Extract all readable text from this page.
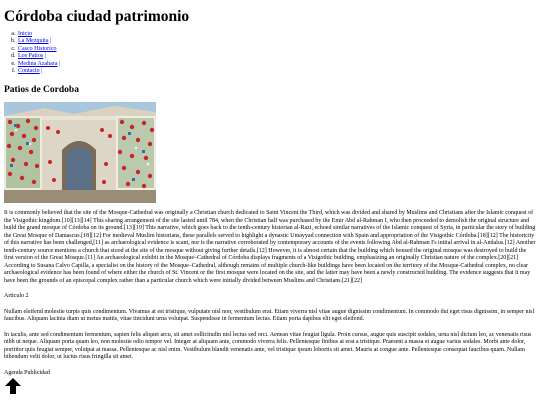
Córdoba ciudad patrimonio
a. Inicio
b. La Mezquita |
c. Casco Historico
d. Los Patios |
e. Medina Azahara |
f. Contacto |
Patios de Cordoba

It is commonly believed that the site of the Mosque-Cathedral was originally a Christian church dedicated to Saint Vincent the Third, which was divided and shared by Muslims and Christians after the Islamic conquest of the Visigothic kingdom.[10][13][14] This sharing arrangement of the site lasted until 784, when the Christian half was purchased by the Emir Abd al-Rahman I, who then proceeded to demolish the original structure and build the grand mosque of Córdoba on its ground.[13][19] This narrative, which goes back to the tenth-century historian al-Razi, echoed similar narratives of the Islamic conquest of Syria, in particular the story of building the Great Mosque of Damascus.[18][12] For medieval Muslim historians, these parallels served to highlight a dynastic Umayyad connection with Spain and appropriation of the Visigothic Córdoba.[18][12] The historicity of this narrative has been challenged,[11] as archaeological evidence is scant, nor is the narrative corroborated by contemporary accounts of the events following Abd al-Rahman I's initial arrival in al-Andalus.[12] Another tenth-century source mentions a church that stood at the site of the mosque without giving further details.[12] However, it is almost certain that the building which housed the original mosque was destroyed to build the first version of the Great Mosque.[11] An archaeological exhibit in the Mosque–Cathedral of Córdoba displays fragments of a Visigothic building, emphasizing an originally Christian nature of the complex.[20][21] According to Susana Calvo Capilla, a specialist on the history of the Mosque–Cathedral, although remains of multiple church-like buildings have been located on the territory of the Mosque-Cathedral complex, no clear archaeological evidence has been found of where either the church of St. Vincent or the first mosque were located on the site, and the latter may have been a newly constructed building. The evidence suggests that it may have been the grounds of an episcopal complex rather than a particular church which were initially divided between Muslims and Christians.[21][22]

Articulo 2

Nullam eleifend molestie turpis quis condimentum. Vivamus at est tristique, vulputate nisl non, vestibulum erat. Etiam viverra nisl vitae augue dignissim condimentum. In commodo dui eget risus dignissim, in semper nisl faucibus. Aliquam lacinia diam ut metus mattis, vitae tincidunt urna volutpat. Suspendisse in fermentum lectus. Etiam porta dapibus elit eget eleifend.

In iaculis, ante sed condimentum fermentum, sapien felis aliquet arcu, sit amet sollicitudin nisl lectus sed orci. Aenean vitae feugiat ligula. Proin cursus, augue quis suscipit sodales, urna nisl dictum leo, ac venenatis risus nibh ut neque. Aliquam porta quam leo, non molestie odio tempor vel. Integer at aliquam ante, commodo viverra felis. Pellentesque finibus at erat a tristique. Praesent a massa et augue varius sodales. Morbi ante dolor, porttitor quis feugiat semper, volutpat at massa. Pellentesque ac nisl enim. Vestibulum blandit venenatis ante, vel tristique ipsum lobortis sit amet. Mauris at congue ante. Pellentesque consequat faucibus quam. Nullam bibendum velit dolor, ut luctus risus fringilla sit amet.

Agenda Publicidad
